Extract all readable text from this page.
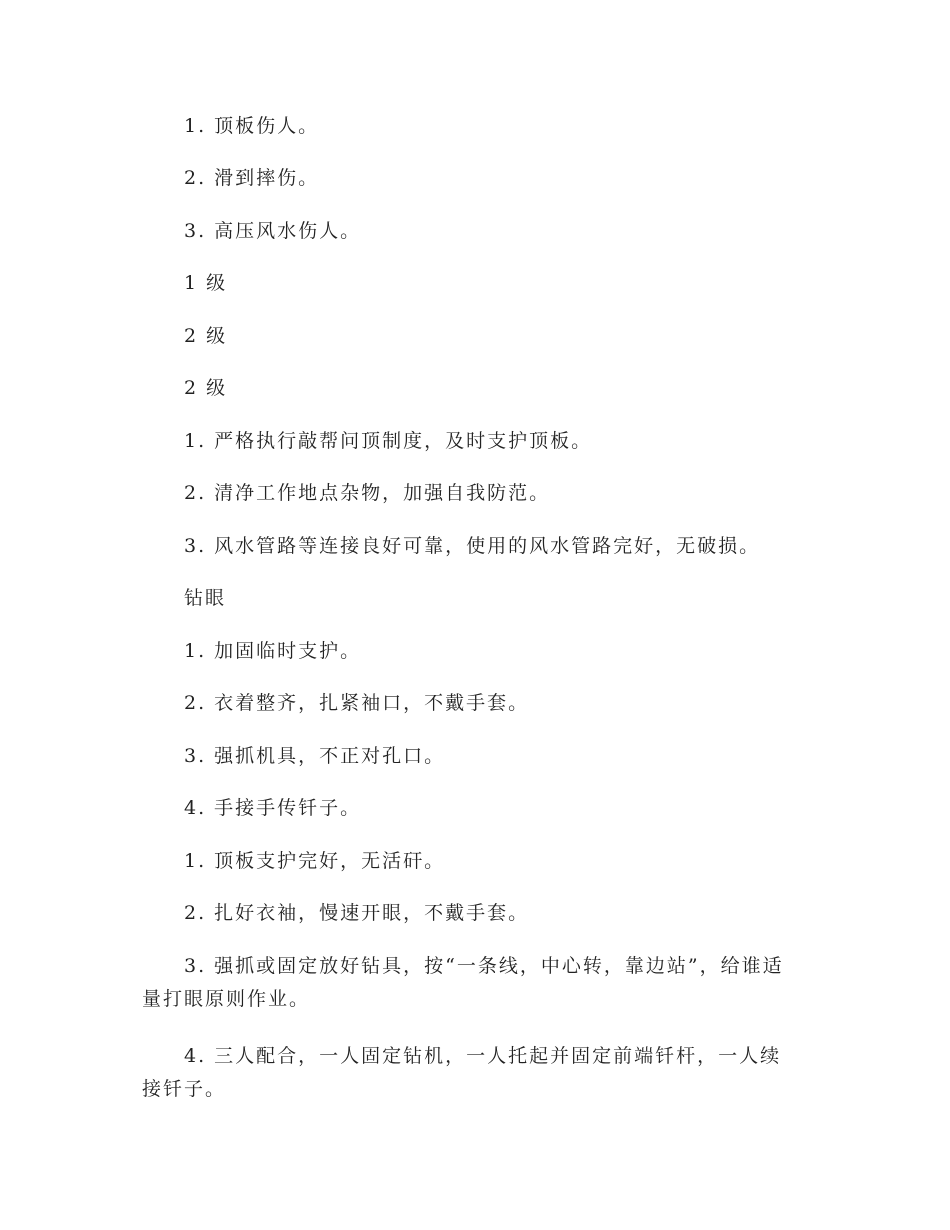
1. 顶板伤人。

2. 滑到摔伤。

3. 高压风水伤人。

1 级

2 级

2 级

1. 严格执行敲帮问顶制度，及时支护顶板。

2. 清净工作地点杂物，加强自我防范。

3. 风水管路等连接良好可靠，使用的风水管路完好，无破损。

钻眼

1. 加固临时支护。

2. 衣着整齐，扎紧袖口，不戴手套。

3. 强抓机具，不正对孔口。

4. 手接手传钎子。

1. 顶板支护完好，无活矸。

2. 扎好衣袖，慢速开眼，不戴手套。

3. 强抓或固定放好钻具，按“一条线，中心转，靠边站”，给谁适量打眼原则作业。

4. 三人配合，一人固定钻机，一人托起并固定前端钎杆，一人续接钎子。
